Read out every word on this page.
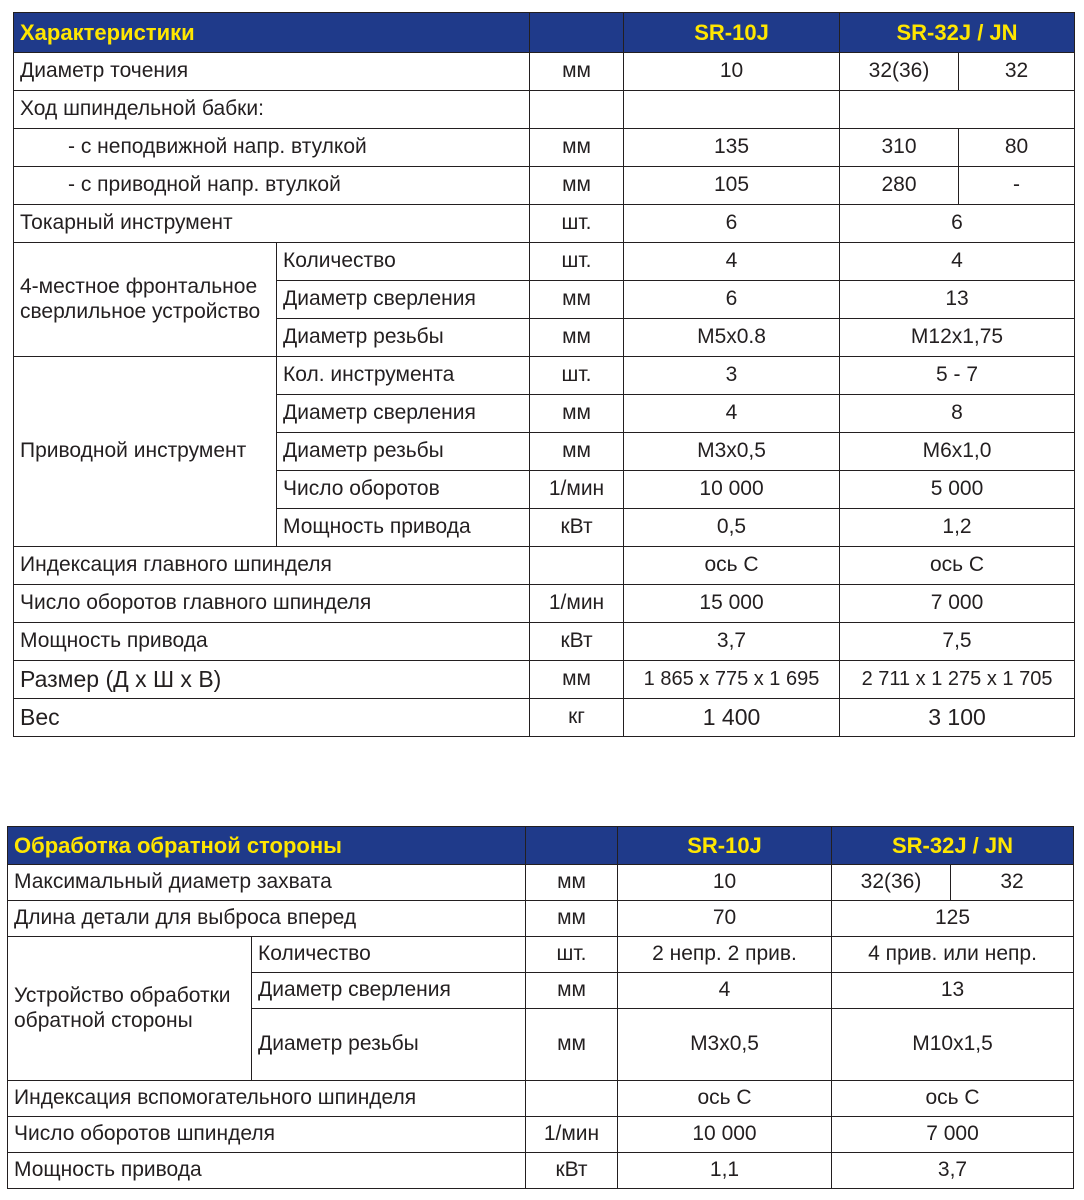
Характеристики			SR-10J	SR-32J / JN	
Диаметр точения		мм	10	32(36)	32
Ход шпиндельной бабки:					
- с неподвижной напр. втулкой		мм	135	310	80
- с приводной напр. втулкой		мм	105	280	-
Токарный инструмент		шт.	6	6	
4-местное фронтальное сверлильное устройство	Количество	шт.	4	4	
	Диаметр сверления	мм	6	13	
	Диаметр резьбы	мм	M5x0.8	M12x1,75	
Приводной инструмент	Кол. инструмента	шт.	3	5 - 7	
	Диаметр сверления	мм	4	8	
	Диаметр резьбы	мм	M3x0,5	M6x1,0	
	Число оборотов	1/мин	10 000	5 000	
	Мощность привода	кВт	0,5	1,2	
Индексация главного шпинделя			ось С	ось С	
Число оборотов главного шпинделя		1/мин	15 000	7 000	
Мощность привода		кВт	3,7	7,5	
Размер (Д х Ш х В)		мм	1 865 x 775 x 1 695	2 711 x 1 275 x 1 705	
Вес		кг	1 400	3 100	
Обработка обратной стороны			SR-10J	SR-32J / JN	
Максимальный диаметр захвата		мм	10	32(36)	32
Длина детали для выброса вперед		мм	70	125	
Устройство обработки обратной стороны	Количество	шт.	2 непр. 2 прив.	4 прив. или непр.	
	Диаметр сверления	мм	4	13	
	Диаметр резьбы	мм	M3x0,5	M10x1,5	
Индексация вспомогательного шпинделя			ось С	ось С	
Число оборотов шпинделя		1/мин	10 000	7 000	
Мощность привода		кВт	1,1	3,7	
